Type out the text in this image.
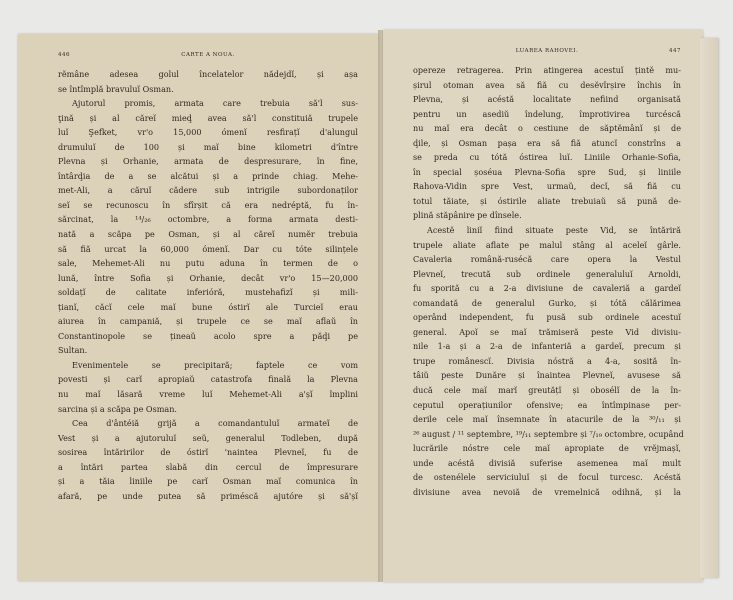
446	CARTE A NOUA.
rĕmâne adesea golul încelatelor nădejdĭ, și așa
se întîmplă bravuluĭ Osman.
Ajutorul promis, armata care trebuia să'l sus-
ţină și al căreĭ mieḑ avea să'l constituiă trupele
luĭ Şefket, vr'o 15,000 ómenĭ resfirațĭ d'alungul
drumuluĭ de 100 și maĭ bine kilometri d'între
Plevna și Orhanie, armata de despresurare, în fine,
întârḑia de a se alcătui și a prinde chiag. Mehe-
met-Ali, a căruĭ cădere sub intrigile subordonaților
seĭ se recunoscu în sfîrșit că era nedréptă, fu în-
sărcinat, la ¹⁴/₂₆ octombre, a forma armata desti-
nată a scăpa pe Osman, și al căreĭ numĕr trebuia
să fiă urcat la 60,000 ómenĭ. Dar cu tóte silințele
sale, Mehemet-Ali nu putu aduna în termen de o
lună, între Sofia și Orhanie, decât vr'o 15—20,000
soldațĭ de calitate inferióră, mustehafizĭ și mili-
țianĭ, căcĭ cele maĭ bune óstirĭ ale Turcieĭ erau
aiurea în campaniă, și trupele ce se maĭ aflaŭ în
Constantinopole se țineaŭ acolo spre a păḑi pe
Sultan.
Evenimentele se precipitară; faptele ce vom
povesti și carĭ apropiaŭ catastrofa finală la Plevna
nu maĭ lăsară vreme luĭ Mehemet-Ali a'șĭ împlini
sarcina și a scăpa pe Osman.
Cea d'ântéiă grijă a comandantuluĭ armateĭ de
Vest și a ajutoruluĭ seŭ, generalul Todleben, după
sosirea întăririlor de óstirĭ 'naintea Plevneĭ, fu de
a întări partea slabă din cercul de împresurare
și a tăia liniile pe carĭ Osman maĭ comunica în
afară, pe unde putea să priméscă ajutóre și să'șĭ
LUAREA RAHOVEI.	447
opereze retragerea. Prin atingerea acestuĭ țintĕ mu-
șirul otoman avea să fiă cu desĕvîrșire închis în
Plevna, și acéstă localitate nefiind organisată
pentru un asediŭ îndelung, împrotivirea turcéscă
nu maĭ era decât o cestiune de săptĕmânĭ și de
ḑile, și Osman pașa era să fiă atuncĭ constrîns a
se preda cu tótă óstirea luĭ. Liniile Orhanie-Sofia,
în special șoséua Plevna-Sofia spre Sud, și liniile
Rahova-Vidin spre Vest, urmaŭ, decĭ, să fiă cu
totul tăiate, și óstirile aliate trebuiaŭ să pună de-
plină stăpânire pe dînsele.
Acestĕ liniĭ fiind situate peste Vid, se întăriră
trupele aliate aflate pe malul stâng al aceleĭ gârle.
Cavaleria română-rusécă care opera la Vestul
Plevneĭ, trecută sub ordinele generaluluĭ Arnoldi,
fu sporită cu a 2-a divisiune de cavaleriă a gardeĭ
comandată de generalul Gurko, și tótă călărimea
operând independent, fu pusă sub ordinele acestuĭ
general. Apoĭ se maĭ trămiseră peste Vid divisiu-
nile 1-a și a 2-a de infanteriă a gardeĭ, precum și
trupe românescĭ. Divisia nóstră a 4-a, sosită în-
tâiŭ peste Dunăre și înaintea Plevneĭ, avusese să
ducă cele maĭ marĭ greutățĭ și obosélĭ de la în-
ceputul operațiunilor ofensive; ea întîmpinase per-
derile cele maĭ însemnate în atacurile de la ³⁰/₁₁ și
²⁶ august / ¹¹ septembre, ¹⁹/₁₁ septembre și ⁷/₁₉ octombre, ocupând
lucrările nóstre cele maĭ apropiate de vrĕjmașĭ,
unde acéstă divisiă suferise asemenea maĭ mult
de ostenélele serviciuluĭ și de focul turcesc. Acéstă
divisiune avea nevoiă de vremelnică odihnă, și la
